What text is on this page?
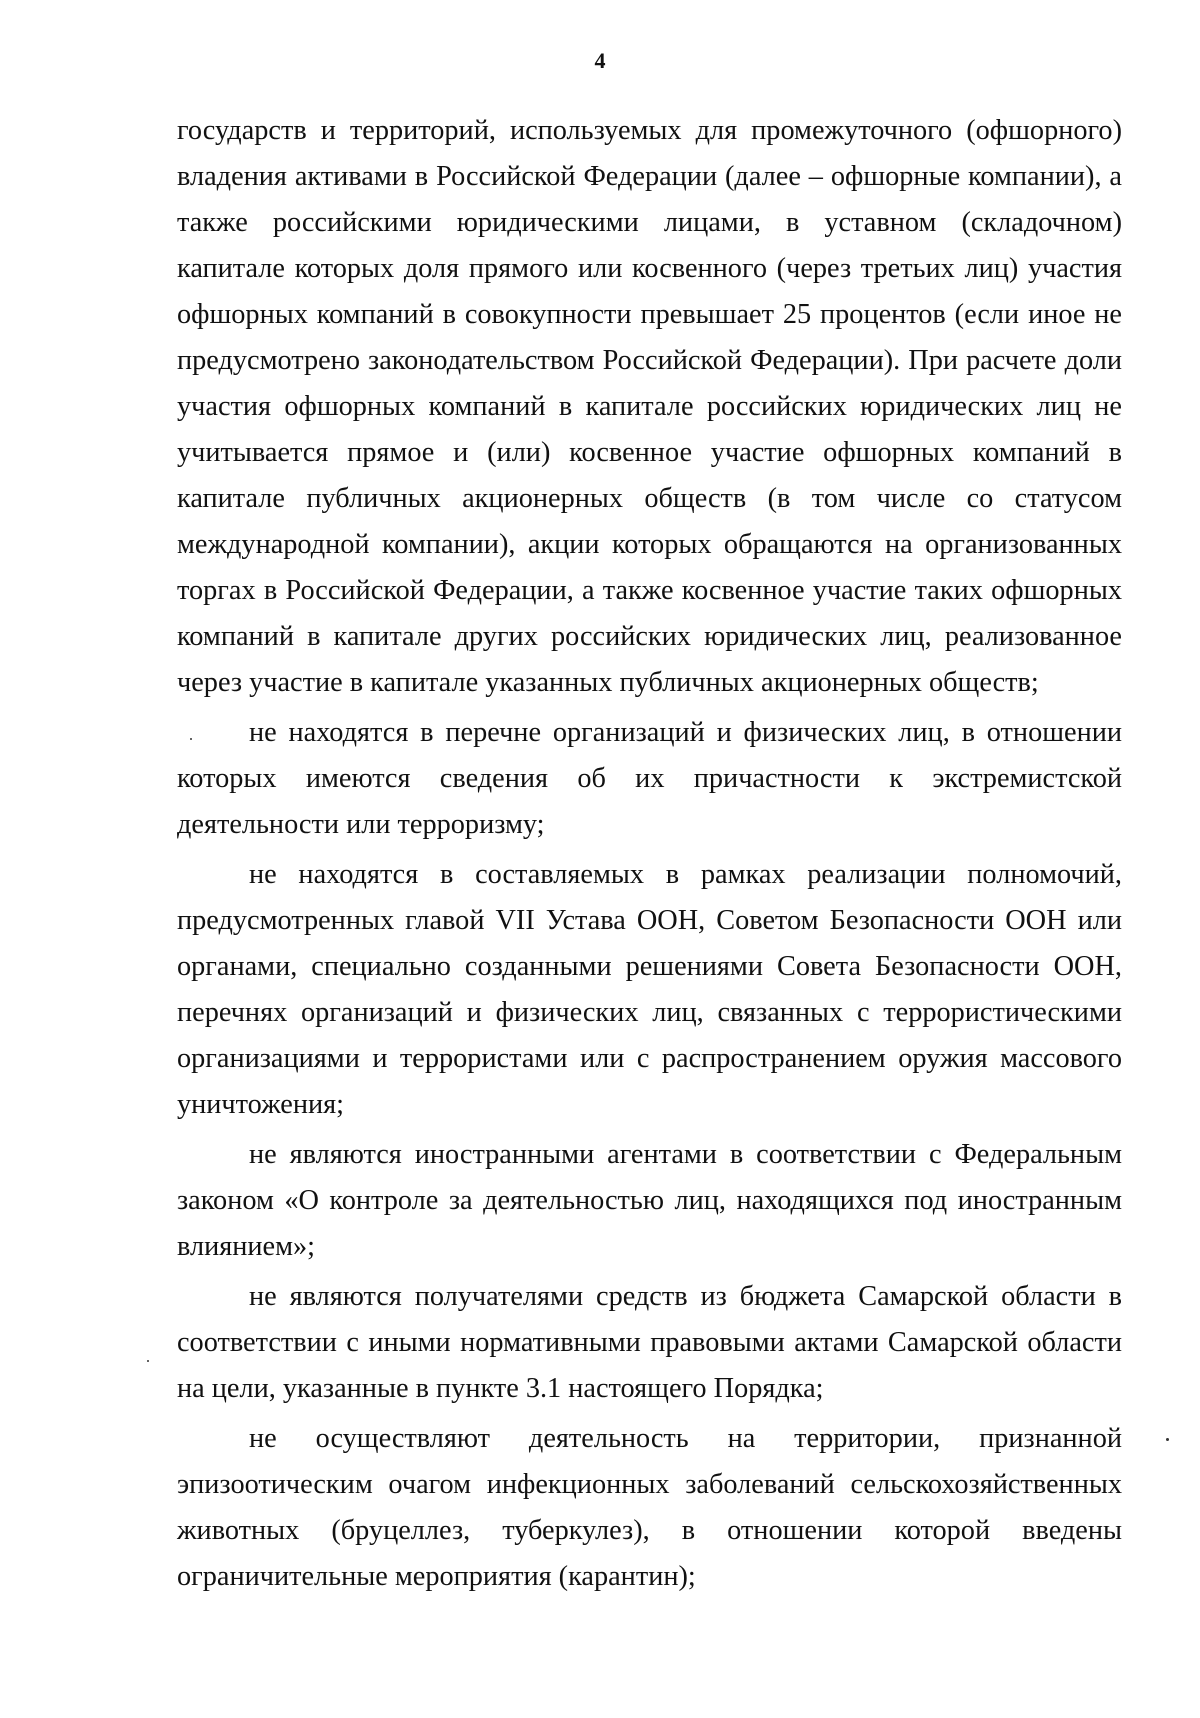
4

государств и территорий, используемых для промежуточного (офшорного) владения активами в Российской Федерации (далее – офшорные компании), а также российскими юридическими лицами, в уставном (складочном) капитале которых доля прямого или косвенного (через третьих лиц) участия офшорных компаний в совокупности превышает 25 процентов (если иное не предусмотрено законодательством Российской Федерации). При расчете доли участия офшорных компаний в капитале российских юридических лиц не учитывается прямое и (или) косвенное участие офшорных компаний в капитале публичных акционерных обществ (в том числе со статусом международной компании), акции которых обращаются на организованных торгах в Российской Федерации, а также косвенное участие таких офшорных компаний в капитале других российских юридических лиц, реализованное через участие в капитале указанных публичных акционерных обществ;

не находятся в перечне организаций и физических лиц, в отношении которых имеются сведения об их причастности к экстремистской деятельности или терроризму;

не находятся в составляемых в рамках реализации полномочий, предусмотренных главой VII Устава ООН, Советом Безопасности ООН или органами, специально созданными решениями Совета Безопасности ООН, перечнях организаций и физических лиц, связанных с террористическими организациями и террористами или с распространением оружия массового уничтожения;

не являются иностранными агентами в соответствии с Федеральным законом «О контроле за деятельностью лиц, находящихся под иностранным влиянием»;

не являются получателями средств из бюджета Самарской области в соответствии с иными нормативными правовыми актами Самарской области на цели, указанные в пункте 3.1 настоящего Порядка;

не осуществляют деятельность на территории, признанной эпизоотическим очагом инфекционных заболеваний сельскохозяйственных животных (бруцеллез, туберкулез), в отношении которой введены ограничительные мероприятия (карантин);
